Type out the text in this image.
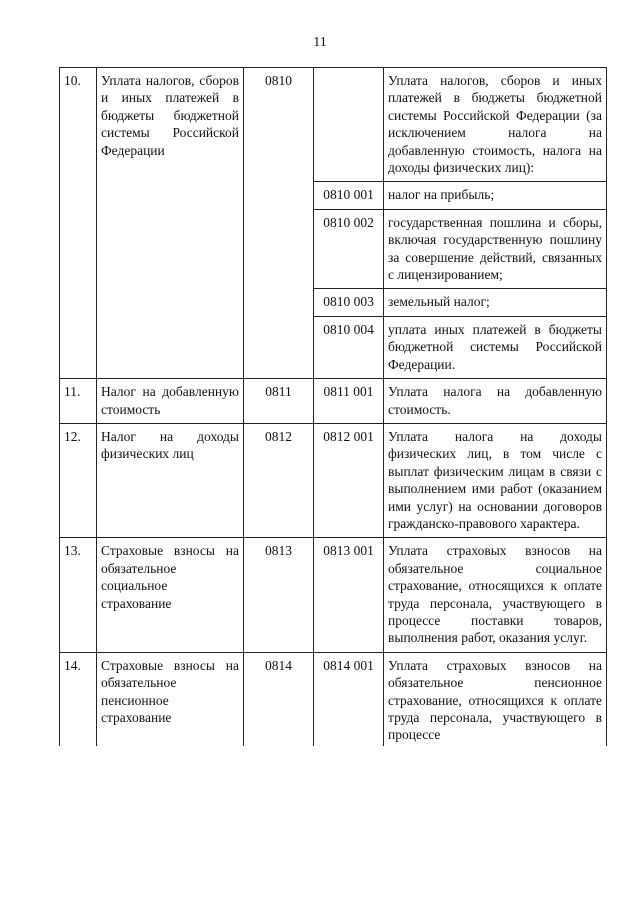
11
10.	Уплата налогов, сборов и иных платежей в бюджеты бюджетной системы Российской Федерации	0810		Уплата налогов, сборов и иных платежей в бюджеты бюджетной системы Российской Федерации (за исключением налога на добавленную стоимость, налога на доходы физических лиц):
			0810 001	налог на прибыль;
			0810 002	государственная пошлина и сборы, включая государственную пошлину за совершение действий, связанных с лицензированием;
			0810 003	земельный налог;
			0810 004	уплата иных платежей в бюджеты бюджетной системы Российской Федерации.
11.	Налог на добавленную стоимость	0811	0811 001	Уплата налога на добавленную стоимость.
12.	Налог на доходы физических лиц	0812	0812 001	Уплата налога на доходы физических лиц, в том числе с выплат физическим лицам в связи с выполнением ими работ (оказанием ими услуг) на основании договоров гражданско-правового характера.
13.	Страховые взносы на обязательное социальное страхование	0813	0813 001	Уплата страховых взносов на обязательное социальное страхование, относящихся к оплате труда персонала, участвующего в процессе поставки товаров, выполнения работ, оказания услуг.
14.	Страховые взносы на обязательное пенсионное страхование	0814	0814 001	Уплата страховых взносов на обязательное пенсионное страхование, относящихся к оплате труда персонала, участвующего в процессе
